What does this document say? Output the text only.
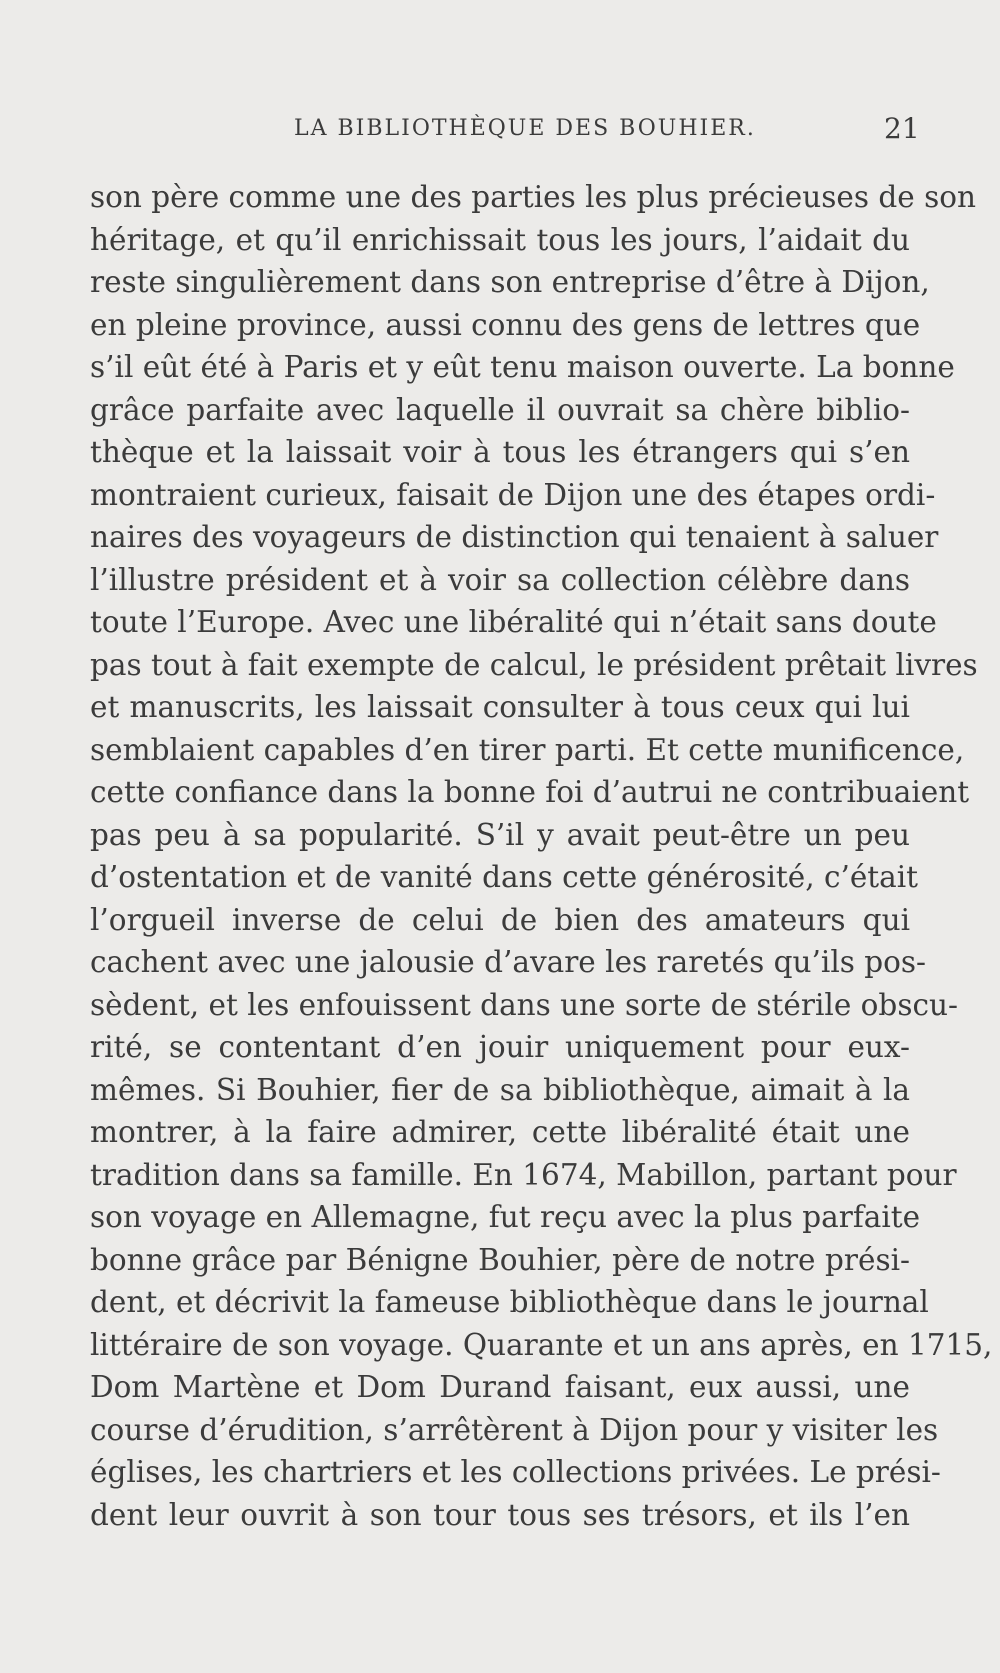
LA BIBLIOTHÈQUE DES BOUHIER.	21
son père comme une des parties les plus précieuses de son
héritage, et qu’il enrichissait tous les jours, l’aidait du
reste singulièrement dans son entreprise d’être à Dijon,
en pleine province, aussi connu des gens de lettres que
s’il eût été à Paris et y eût tenu maison ouverte. La bonne
grâce parfaite avec laquelle il ouvrait sa chère biblio-
thèque et la laissait voir à tous les étrangers qui s’en
montraient curieux, faisait de Dijon une des étapes ordi-
naires des voyageurs de distinction qui tenaient à saluer
l’illustre président et à voir sa collection célèbre dans
toute l’Europe. Avec une libéralité qui n’était sans doute
pas tout à fait exempte de calcul, le président prêtait livres
et manuscrits, les laissait consulter à tous ceux qui lui
semblaient capables d’en tirer parti. Et cette munificence,
cette confiance dans la bonne foi d’autrui ne contribuaient
pas peu à sa popularité. S’il y avait peut-être un peu
d’ostentation et de vanité dans cette générosité, c’était
l’orgueil inverse de celui de bien des amateurs qui
cachent avec une jalousie d’avare les raretés qu’ils pos-
sèdent, et les enfouissent dans une sorte de stérile obscu-
rité, se contentant d’en jouir uniquement pour eux-
mêmes. Si Bouhier, fier de sa bibliothèque, aimait à la
montrer, à la faire admirer, cette libéralité était une
tradition dans sa famille. En 1674, Mabillon, partant pour
son voyage en Allemagne, fut reçu avec la plus parfaite
bonne grâce par Bénigne Bouhier, père de notre prési-
dent, et décrivit la fameuse bibliothèque dans le journal
littéraire de son voyage. Quarante et un ans après, en 1715,
Dom Martène et Dom Durand faisant, eux aussi, une
course d’érudition, s’arrêtèrent à Dijon pour y visiter les
églises, les chartriers et les collections privées. Le prési-
dent leur ouvrit à son tour tous ses trésors, et ils l’en
